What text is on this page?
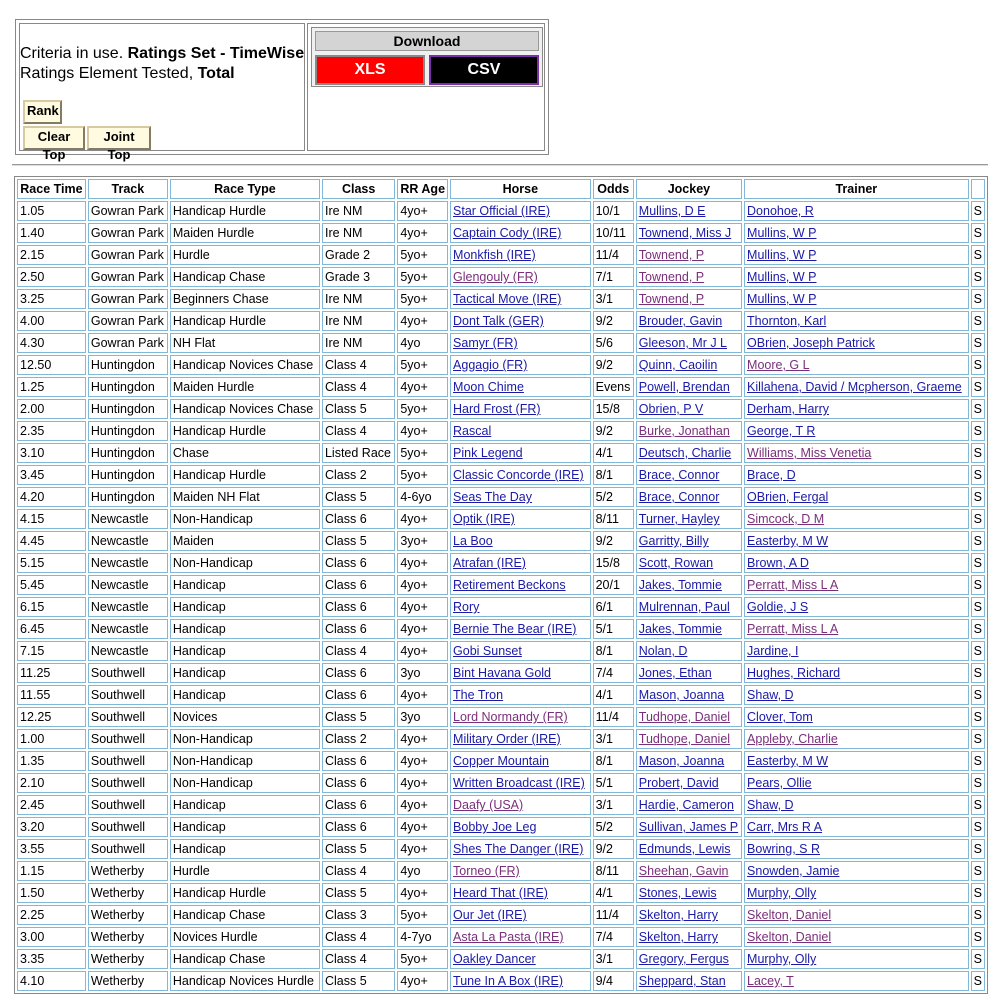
Criteria in use. Ratings Set - TimeWise
Ratings Element Tested, Total
Rank
Clear Top
Joint Top
Download
XLS	CSV
Race Time	Track	Race Type	Class	RR Age	Horse	Odds	Jockey	Trainer	
1.05	Gowran Park	Handicap Hurdle	Ire NM	4yo+	Star Official (IRE)	10/1	Mullins, D E	Donohoe, R	S
1.40	Gowran Park	Maiden Hurdle	Ire NM	4yo+	Captain Cody (IRE)	10/11	Townend, Miss J	Mullins, W P	S
2.15	Gowran Park	Hurdle	Grade 2	5yo+	Monkfish (IRE)	11/4	Townend, P	Mullins, W P	S
2.50	Gowran Park	Handicap Chase	Grade 3	5yo+	Glengouly (FR)	7/1	Townend, P	Mullins, W P	S
3.25	Gowran Park	Beginners Chase	Ire NM	5yo+	Tactical Move (IRE)	3/1	Townend, P	Mullins, W P	S
4.00	Gowran Park	Handicap Hurdle	Ire NM	4yo+	Dont Talk (GER)	9/2	Brouder, Gavin	Thornton, Karl	S
4.30	Gowran Park	NH Flat	Ire NM	4yo	Samyr (FR)	5/6	Gleeson, Mr J L	OBrien, Joseph Patrick	S
12.50	Huntingdon	Handicap Novices Chase	Class 4	5yo+	Aggagio (FR)	9/2	Quinn, Caoilin	Moore, G L	S
1.25	Huntingdon	Maiden Hurdle	Class 4	4yo+	Moon Chime	Evens	Powell, Brendan	Killahena, David / Mcpherson, Graeme	S
2.00	Huntingdon	Handicap Novices Chase	Class 5	5yo+	Hard Frost (FR)	15/8	Obrien, P V	Derham, Harry	S
2.35	Huntingdon	Handicap Hurdle	Class 4	4yo+	Rascal	9/2	Burke, Jonathan	George, T R	S
3.10	Huntingdon	Chase	Listed Race	5yo+	Pink Legend	4/1	Deutsch, Charlie	Williams, Miss Venetia	S
3.45	Huntingdon	Handicap Hurdle	Class 2	5yo+	Classic Concorde (IRE)	8/1	Brace, Connor	Brace, D	S
4.20	Huntingdon	Maiden NH Flat	Class 5	4-6yo	Seas The Day	5/2	Brace, Connor	OBrien, Fergal	S
4.15	Newcastle	Non-Handicap	Class 6	4yo+	Optik (IRE)	8/11	Turner, Hayley	Simcock, D M	S
4.45	Newcastle	Maiden	Class 5	3yo+	La Boo	9/2	Garritty, Billy	Easterby, M W	S
5.15	Newcastle	Non-Handicap	Class 6	4yo+	Atrafan (IRE)	15/8	Scott, Rowan	Brown, A D	S
5.45	Newcastle	Handicap	Class 6	4yo+	Retirement Beckons	20/1	Jakes, Tommie	Perratt, Miss L A	S
6.15	Newcastle	Handicap	Class 6	4yo+	Rory	6/1	Mulrennan, Paul	Goldie, J S	S
6.45	Newcastle	Handicap	Class 6	4yo+	Bernie The Bear (IRE)	5/1	Jakes, Tommie	Perratt, Miss L A	S
7.15	Newcastle	Handicap	Class 4	4yo+	Gobi Sunset	8/1	Nolan, D	Jardine, I	S
11.25	Southwell	Handicap	Class 6	3yo	Bint Havana Gold	7/4	Jones, Ethan	Hughes, Richard	S
11.55	Southwell	Handicap	Class 6	4yo+	The Tron	4/1	Mason, Joanna	Shaw, D	S
12.25	Southwell	Novices	Class 5	3yo	Lord Normandy (FR)	11/4	Tudhope, Daniel	Clover, Tom	S
1.00	Southwell	Non-Handicap	Class 2	4yo+	Military Order (IRE)	3/1	Tudhope, Daniel	Appleby, Charlie	S
1.35	Southwell	Non-Handicap	Class 6	4yo+	Copper Mountain	8/1	Mason, Joanna	Easterby, M W	S
2.10	Southwell	Non-Handicap	Class 6	4yo+	Written Broadcast (IRE)	5/1	Probert, David	Pears, Ollie	S
2.45	Southwell	Handicap	Class 6	4yo+	Daafy (USA)	3/1	Hardie, Cameron	Shaw, D	S
3.20	Southwell	Handicap	Class 6	4yo+	Bobby Joe Leg	5/2	Sullivan, James P	Carr, Mrs R A	S
3.55	Southwell	Handicap	Class 5	4yo+	Shes The Danger (IRE)	9/2	Edmunds, Lewis	Bowring, S R	S
1.15	Wetherby	Hurdle	Class 4	4yo	Torneo (FR)	8/11	Sheehan, Gavin	Snowden, Jamie	S
1.50	Wetherby	Handicap Hurdle	Class 5	4yo+	Heard That (IRE)	4/1	Stones, Lewis	Murphy, Olly	S
2.25	Wetherby	Handicap Chase	Class 3	5yo+	Our Jet (IRE)	11/4	Skelton, Harry	Skelton, Daniel	S
3.00	Wetherby	Novices Hurdle	Class 4	4-7yo	Asta La Pasta (IRE)	7/4	Skelton, Harry	Skelton, Daniel	S
3.35	Wetherby	Handicap Chase	Class 4	5yo+	Oakley Dancer	3/1	Gregory, Fergus	Murphy, Olly	S
4.10	Wetherby	Handicap Novices Hurdle	Class 5	4yo+	Tune In A Box (IRE)	9/4	Sheppard, Stan	Lacey, T	S
